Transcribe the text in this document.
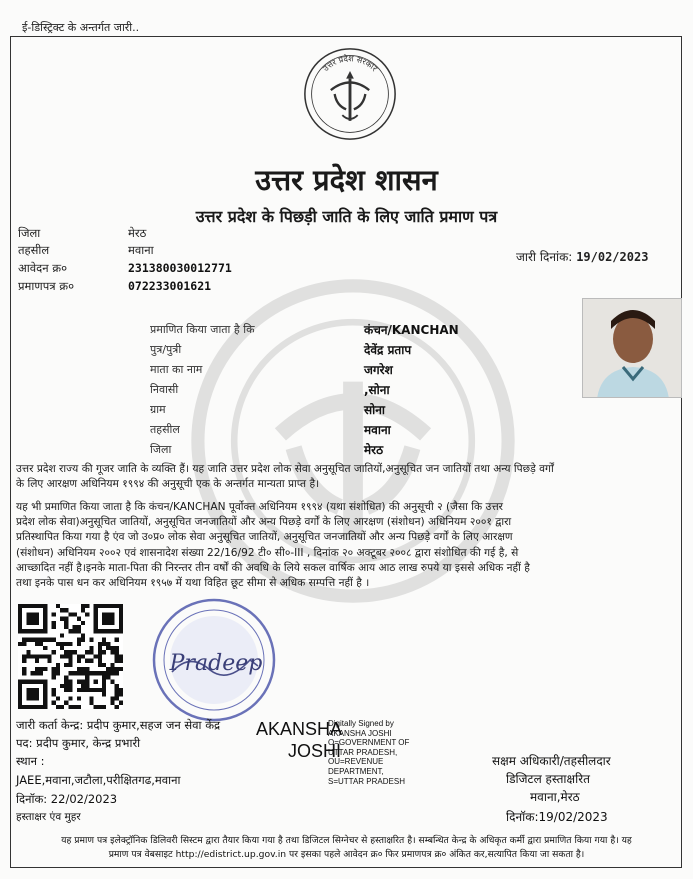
ई-डिस्ट्रिक्ट के अन्तर्गत जारी..
उत्तर प्रदेश सरकार
उत्तर प्रदेश शासन
उत्तर प्रदेश के पिछड़ी जाति के लिए जाति प्रमाण पत्र
जिला	मेरठ
तहसील	मवाना
आवेदन क्र०	231380030012771
प्रमाणपत्र क्र०	072233001621
जारी दिनांक: 19/02/2023
प्रमाणित किया जाता है कि	कंचन/KANCHAN
पुत्र/पुत्री	देवेंद्र प्रताप
माता का नाम	जगरेश
निवासी	,सोना
ग्राम	सोना
तहसील	मवाना
जिला	मेरठ
उत्तर प्रदेश राज्य की गूजर जाति के व्यक्ति हैं। यह जाति उत्तर प्रदेश लोक सेवा अनुसूचित जातियों,अनुसूचित जन जातियों तथा अन्य पिछड़े वर्गों
के लिए आरक्षण अधिनियम १९९४ की अनुसूची एक के अन्तर्गत मान्यता प्राप्त है।
यह भी प्रमाणित किया जाता है कि कंचन/KANCHAN पूर्वोक्त अधिनियम १९९४ (यथा संशोधित) की अनुसूची २ (जैसा कि उत्तर
प्रदेश लोक सेवा)अनुसूचित जातियों, अनुसूचित जनजातियों और अन्य पिछड़े वर्गों के लिए आरक्षण (संशोधन) अधिनियम २००१ द्वारा
प्रतिस्थापित किया गया है एंव जो उ०प्र० लोक सेवा अनुसूचित जातियों, अनुसूचित जनजातियों और अन्य पिछड़े वर्गों के लिए आरक्षण
(संशोधन) अधिनियम २००२ एवं शासनादेश संख्या 22/16/92 टी० सी०-III , दिनांक २० अक्टूबर २००८ द्वारा संशोधित की गई है, से
आच्छादित नहीं है।इनके माता-पिता की निरन्तर तीन वर्षों की अवधि के लिये सकल वार्षिक आय आठ लाख रुपये या इससे अधिक नहीं है
तथा इनके पास धन कर अधिनियम १९५७ में यथा विहित छूट सीमा से अधिक सम्पत्ति नहीं है ।
Pradeep
AKANSHA
JOSHI
Digitally Signed by
AKANSHA JOSHI
O=GOVERNMENT OF
UTTAR PRADESH,
OU=REVENUE
DEPARTMENT,
S=UTTAR PRADESH
जारी कर्ता केन्द्र: प्रदीप कुमार,सहज जन सेवा केंद्र
पद: प्रदीप कुमार, केन्द्र प्रभारी
स्थान :
JAEE,मवाना,जटौला,परीक्षितगढ,मवाना
दिनॉक: 22/02/2023
हस्ताक्षर एंव मुहर
सक्षम अधिकारी/तहसीलदार
डिजिटल हस्ताक्षरित
मवाना,मेरठ
दिनॉक:19/02/2023
यह प्रमाण पत्र इलेक्ट्रॉनिक डिलिवरी सिस्टम द्वारा तैयार किया गया है तथा डिजिटल सिग्नेचर से हस्ताक्षरित है। सम्बन्धित केन्द्र के अधिकृत कर्मी द्वारा प्रमाणित किया गया है। यह
प्रमाण पत्र वेबसाइट http://edistrict.up.gov.in पर इसका पहले आवेदन क्र० फिर प्रमाणपत्र क्र० अंकित कर,सत्यापित किया जा सकता है।
